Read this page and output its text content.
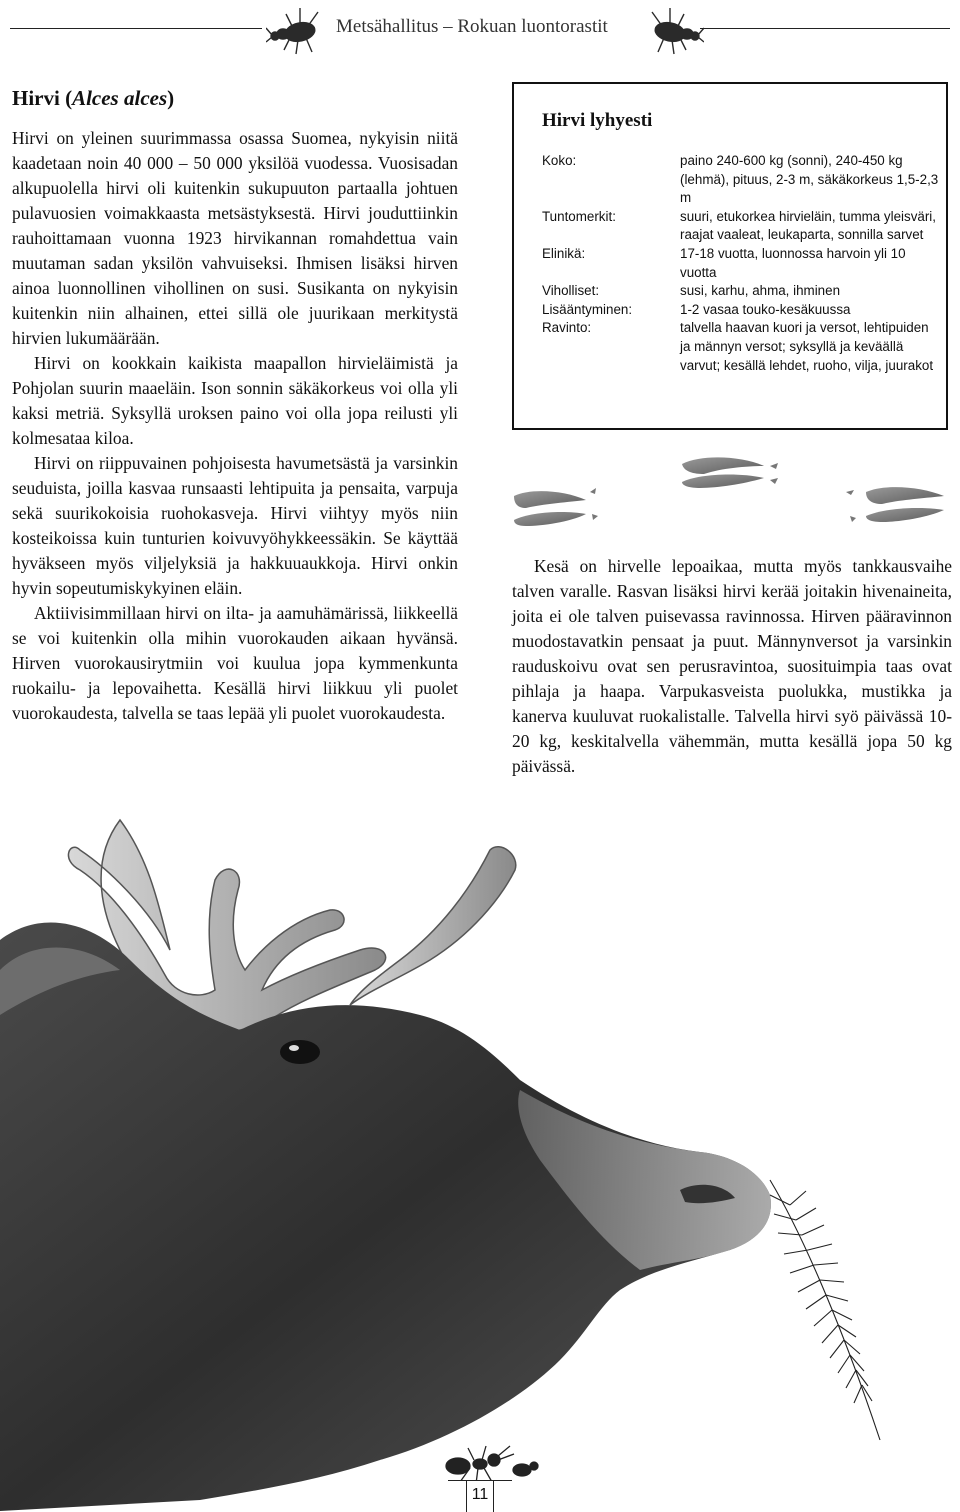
Metsähallitus – Rokuan luontorastit
Hirvi (Alces alces)

Hirvi on yleinen suurimmassa osassa Suomea, nykyisin niitä kaadetaan noin 40 000 – 50 000 yksilöä vuodessa. Vuosisadan alkupuolella hirvi oli kuitenkin sukupuuton partaalla johtuen pulavuosien voimakkaasta metsästyksestä. Hirvi jouduttiinkin rauhoittamaan vuonna 1923 hirvikannan romahdettua vain muutaman sadan yksilön vahvuiseksi. Ihmisen lisäksi hirven ainoa luonnollinen vihollinen on susi. Susikanta on nykyisin kuitenkin niin alhainen, ettei sillä ole juurikaan merkitystä hirvien lukumäärään.

Hirvi on kookkain kaikista maapallon hirvieläimistä ja Pohjolan suurin maaeläin. Ison sonnin säkäkorkeus voi olla yli kaksi metriä. Syksyllä uroksen paino voi olla jopa reilusti yli kolmesataa kiloa.

Hirvi on riippuvainen pohjoisesta havumetsästä ja varsinkin seuduista, joilla kasvaa runsaasti lehtipuita ja pensaita, varpuja sekä suurikokoisia ruohokasveja. Hirvi viihtyy myös niin kosteikoissa kuin tunturien koivuvyöhykkeessäkin. Se käyttää hyväkseen myös viljelyksiä ja hakkuuaukkoja. Hirvi onkin hyvin sopeutumiskykyinen eläin.

Aktiivisimmillaan hirvi on ilta- ja aamuhämärissä, liikkeellä se voi kuitenkin olla mihin vuorokauden aikaan hyvänsä. Hirven vuorokausirytmiin voi kuulua jopa kymmenkunta ruokailu- ja lepovaihetta. Kesällä hirvi liikkuu yli puolet vuorokaudesta, talvella se taas lepää yli puolet vuorokaudesta.

Hirvi lyhyesti
Koko:	paino 240-600 kg (sonni), 240-450 kg (lehmä), pituus, 2-3 m, säkäkorkeus 1,5-2,3 m
Tuntomerkit:	suuri, etukorkea hirvieläin, tumma yleisväri, raajat vaaleat, leukaparta, sonnilla sarvet
Elinikä:	17-18 vuotta, luonnossa harvoin yli 10 vuotta
Viholliset:	susi, karhu, ahma, ihminen
Lisääntyminen:	1-2 vasaa touko-kesäkuussa
Ravinto:	talvella haavan kuori ja versot, lehtipuiden ja männyn versot; syksyllä ja keväällä varvut; kesällä lehdet, ruoho, vilja, juurakot

Kesä on hirvelle lepoaikaa, mutta myös tankkausvaihe talven varalle. Rasvan lisäksi hirvi kerää joitakin hivenaineita, joita ei ole talven puisevassa ravinnossa. Hirven pääravinnon muodostavatkin pensaat ja puut. Männynversot ja varsinkin rauduskoivu ovat sen perusravintoa, suosituimpia taas ovat pihlaja ja haapa. Varpukasveista puolukka, mustikka ja kanerva kuuluvat ruokalistalle. Talvella hirvi syö päivässä 10-20 kg, keskitalvella vähemmän, mutta kesällä jopa 50 kg päivässä.

11
